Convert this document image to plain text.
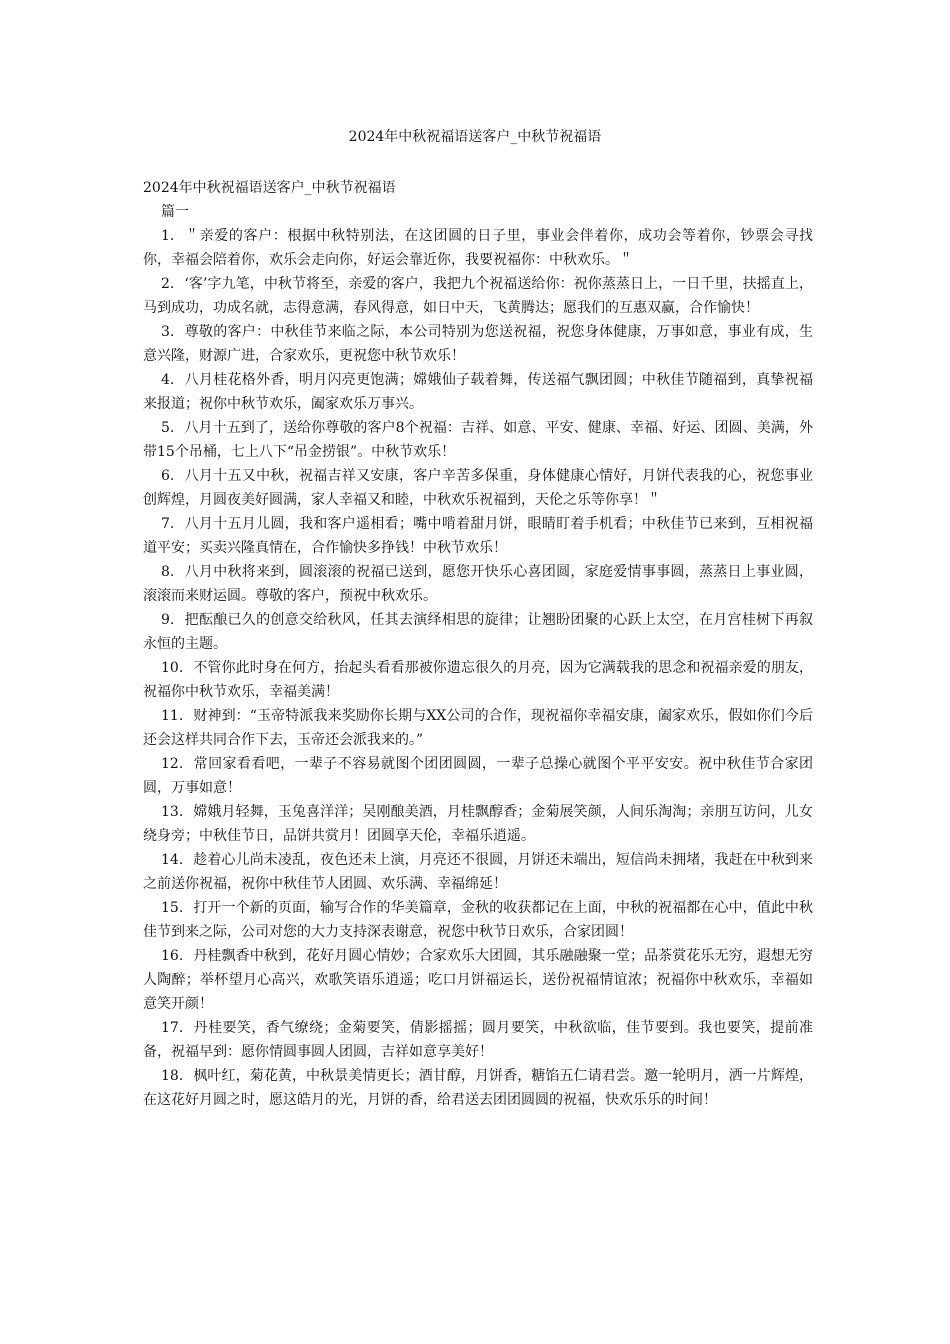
2024年中秋祝福语送客户_中秋节祝福语

2024年中秋祝福语送客户_中秋节祝福语

篇一

1. ＂亲爱的客户：根据中秋特别法，在这团圆的日子里，事业会伴着你，成功会等着你，钞票会寻找你，幸福会陪着你，欢乐会走向你，好运会靠近你，我要祝福你：中秋欢乐。＂

2. ‘客’字九笔，中秋节将至，亲爱的客户，我把九个祝福送给你：祝你蒸蒸日上，一日千里，扶摇直上，马到成功，功成名就，志得意满，春风得意，如日中天，飞黄腾达；愿我们的互惠双赢，合作愉快！

3. 尊敬的客户：中秋佳节来临之际，本公司特别为您送祝福，祝您身体健康，万事如意，事业有成，生意兴隆，财源广进，合家欢乐，更祝您中秋节欢乐！

4. 八月桂花格外香，明月闪亮更饱满；嫦娥仙子载着舞，传送福气飘团圆；中秋佳节随福到，真挚祝福来报道；祝你中秋节欢乐，阖家欢乐万事兴。

5. 八月十五到了，送给你尊敬的客户8个祝福：吉祥、如意、平安、健康、幸福、好运、团圆、美满，外带15个吊桶，七上八下“吊金捞银”。中秋节欢乐！

6. 八月十五又中秋，祝福吉祥又安康，客户辛苦多保重，身体健康心情好，月饼代表我的心，祝您事业创辉煌，月圆夜美好圆满，家人幸福又和睦，中秋欢乐祝福到，天伦之乐等你享！＂

7. 八月十五月儿圆，我和客户遥相看；嘴中啃着甜月饼，眼睛盯着手机看；中秋佳节已来到，互相祝福道平安；买卖兴隆真情在，合作愉快多挣钱！中秋节欢乐！

8. 八月中秋将来到，圆滚滚的祝福已送到，愿您开快乐心喜团圆，家庭爱情事事圆，蒸蒸日上事业圆，滚滚而来财运圆。尊敬的客户，预祝中秋欢乐。

9. 把酝酿已久的创意交给秋风，任其去演绎相思的旋律；让翘盼团聚的心跃上太空，在月宫桂树下再叙永恒的主题。

10. 不管你此时身在何方，抬起头看看那被你遗忘很久的月亮，因为它满载我的思念和祝福亲爱的朋友，祝福你中秋节欢乐，幸福美满！

11. 财神到：“玉帝特派我来奖励你长期与XX公司的合作，现祝福你幸福安康，阖家欢乐，假如你们今后还会这样共同合作下去，玉帝还会派我来的。”

12. 常回家看看吧，一辈子不容易就图个团团圆圆，一辈子总操心就图个平平安安。祝中秋佳节合家团圆，万事如意！

13. 嫦娥月轻舞，玉兔喜洋洋；吴刚酿美酒，月桂飘醇香；金菊展笑颜，人间乐淘淘；亲朋互访问，儿女绕身旁；中秋佳节日，品饼共赏月！团圆享天伦，幸福乐逍遥。

14. 趁着心儿尚未凌乱，夜色还未上演，月亮还不很圆，月饼还未端出，短信尚未拥堵，我赶在中秋到来之前送你祝福，祝你中秋佳节人团圆、欢乐满、幸福绵延！

15. 打开一个新的页面，输写合作的华美篇章，金秋的收获都记在上面，中秋的祝福都在心中，值此中秋佳节到来之际，公司对您的大力支持深表谢意，祝您中秋节日欢乐，合家团圆！

16. 丹桂飘香中秋到，花好月圆心情妙；合家欢乐大团圆，其乐融融聚一堂；品茶赏花乐无穷，遐想无穷人陶醉；举杯望月心高兴，欢歌笑语乐逍遥；吃口月饼福运长，送份祝福情谊浓；祝福你中秋欢乐，幸福如意笑开颜！

17. 丹桂要笑，香气缭绕；金菊要笑，倩影摇摇；圆月要笑，中秋欲临，佳节要到。我也要笑，提前准备，祝福早到：愿你情圆事圆人团圆，吉祥如意享美好！

18. 枫叶红，菊花黄，中秋景美情更长；酒甘醇，月饼香，糖馅五仁请君尝。邀一轮明月，洒一片辉煌，在这花好月圆之时，愿这皓月的光，月饼的香，给君送去团团圆圆的祝福，快欢乐乐的时间！
